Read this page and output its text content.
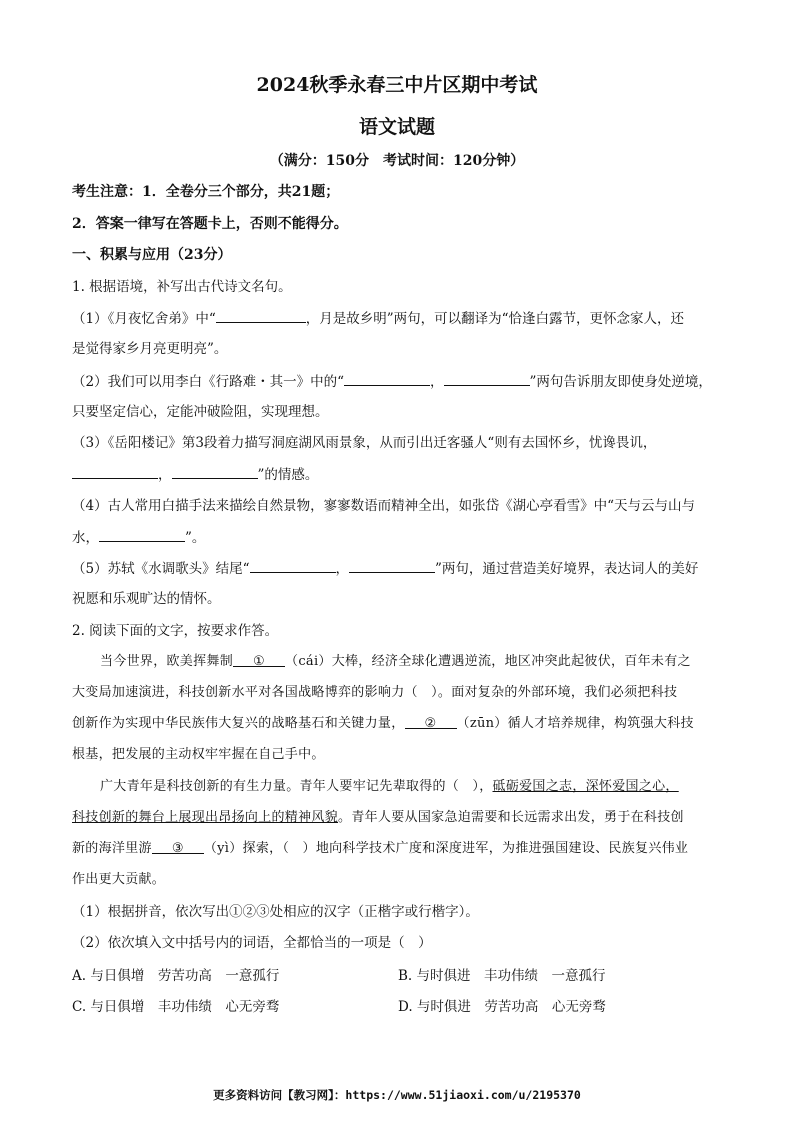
2024秋季永春三中片区期中考试
语文试题
（满分：150分　考试时间：120分钟）
考生注意：1．全卷分三个部分，共21题；
2．答案一律写在答题卡上，否则不能得分。
一、积累与应用（23分）
1. 根据语境，补写出古代诗文名句。
（1）《月夜忆舍弟》中“	，月是故乡明”两句，可以翻译为“恰逢白露节，更怀念家人，还
是觉得家乡月亮更明亮”。
（2）我们可以用李白《行路难・其一》中的“	，	”两句告诉朋友即使身处逆境，
只要坚定信心，定能冲破险阻，实现理想。
（3）《岳阳楼记》第3段着力描写洞庭湖风雨景象，从而引出迁客骚人“则有去国怀乡，忧谗畏讥，
，	”的情感。
（4）古人常用白描手法来描绘自然景物，寥寥数语而精神全出，如张岱《湖心亭看雪》中“天与云与山与
水，	”。
（5）苏轼《水调歌头》结尾“	，	”两句，通过营造美好境界，表达词人的美好
祝愿和乐观旷达的情怀。
2. 阅读下面的文字，按要求作答。
当今世界，欧美挥舞制 ① （cái）大棒，经济全球化遭遇逆流，地区冲突此起彼伏，百年未有之
大变局加速演进，科技创新水平对各国战略博弈的影响力（　）。面对复杂的外部环境，我们必须把科技
创新作为实现中华民族伟大复兴的战略基石和关键力量， ② （zūn）循人才培养规律，构筑强大科技
根基，把发展的主动权牢牢握在自己手中。
广大青年是科技创新的有生力量。青年人要牢记先辈取得的（　），砥砺爱国之志，深怀爱国之心，
科技创新的舞台上展现出昂扬向上的精神风貌。青年人要从国家急迫需要和长远需求出发，勇于在科技创
新的海洋里游 ③ （yì）探索，（　）地向科学技术广度和深度进军，为推进强国建设、民族复兴伟业
作出更大贡献。
（1）根据拼音，依次写出①②③处相应的汉字（正楷字或行楷字）。
（2）依次填入文中括号内的词语，全都恰当的一项是（　）
A. 与日俱增　劳苦功高　一意孤行	B. 与时俱进　丰功伟绩　一意孤行
C. 与日俱增　丰功伟绩　心无旁骛	D. 与时俱进　劳苦功高　心无旁骛
更多资料访问【教习网】：https://www.51jiaoxi.com/u/2195370
